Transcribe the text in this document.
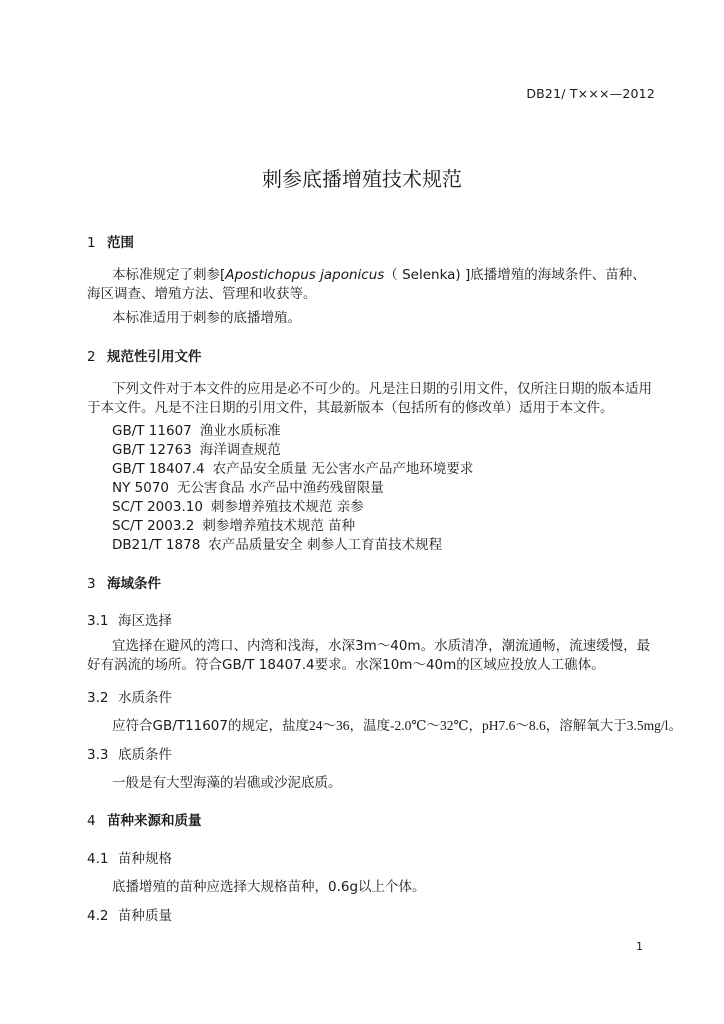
DB21/ T×××—2012
刺参底播增殖技术规范
1 范围
本标准规定了刺参[Apostichopus japonicus（ Selenka) ]底播增殖的海域条件、苗种、海区调查、增殖方法、管理和收获等。
本标准适用于刺参的底播增殖。
2 规范性引用文件
下列文件对于本文件的应用是必不可少的。凡是注日期的引用文件，仅所注日期的版本适用于本文件。凡是不注日期的引用文件，其最新版本（包括所有的修改单）适用于本文件。
GB/T 11607 渔业水质标准
GB/T 12763 海洋调查规范
GB/T 18407.4 农产品安全质量 无公害水产品产地环境要求
NY 5070 无公害食品 水产品中渔药残留限量
SC/T 2003.10 刺参增养殖技术规范 亲参
SC/T 2003.2 刺参增养殖技术规范 苗种
DB21/T 1878 农产品质量安全 刺参人工育苗技术规程
3 海域条件
3.1 海区选择
宜选择在避风的湾口、内湾和浅海，水深3m～40m。水质清净，潮流通畅，流速缓慢，最好有涡流的场所。符合GB/T 18407.4要求。水深10m～40m的区域应投放人工礁体。
3.2 水质条件
应符合GB/T11607的规定，盐度24～36，温度-2.0℃～32℃，pH7.6～8.6，溶解氧大于3.5mg/l。
3.3 底质条件
一般是有大型海藻的岩礁或沙泥底质。
4 苗种来源和质量
4.1 苗种规格
底播增殖的苗种应选择大规格苗种，0.6g以上个体。
4.2 苗种质量
1
